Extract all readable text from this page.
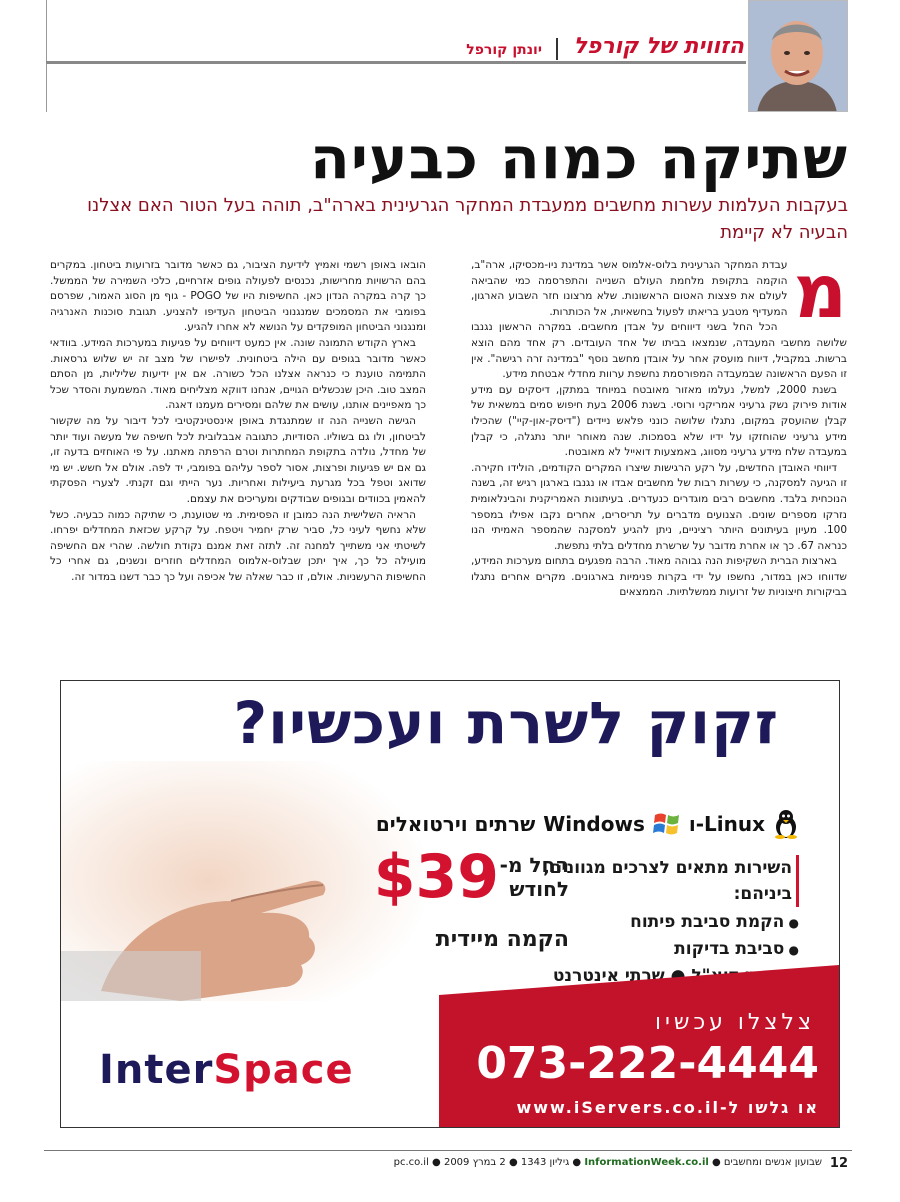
הזווית של קורפל
יונתן קורפל
שתיקה כמוה כבעיה

בעקבות העלמות עשרות מחשבים ממעבדת המחקר הגרעינית בארה"ב, תוהה בעל הטור האם אצלנו הבעיה לא קיימת

מ

עבדת המחקר הגרעינית בלוס-אלמוס אשר במדינת ניו-מכסיקו, ארה"ב, הוקמה בתקופת מלחמת העולם השנייה והתפרסמה כמי שהביאה לעולם את פצצות האטום הראשונות. שלא מרצונו חזר השבוע הארגון, המעדיף מטבע בריאתו לפעול בחשאיות, אל הכותרות.

הכל החל בשני דיווחים על אבדן מחשבים. במקרה הראשון נגנבו שלושה מחשבי המעבדה, שנמצאו בביתו של אחד העובדים. רק אחד מהם הוצא ברשות. במקביל, דיווח מועסק אחר על אובדן מחשב נוסף "במדינה זרה רגישה". אין זו הפעם הראשונה שבמעבדה המפורסמת נחשפת ערוות מחדלי אבטחת מידע.

בשנת 2000, למשל, נעלמו מאזור מאובטח במיוחד במתקן, דיסקים עם מידע אודות פירוק נשק גרעיני אמריקני ורוסי. בשנת 2006 בעת חיפוש סמים במשאית של קבלן שהועסק במקום, נתגלו שלושה כונני פלאש ניידים ("דיסק-און-קיי") שהכילו מידע גרעיני שהוחזקו על ידיו שלא בסמכות. שנה מאוחר יותר נתגלה, כי קבלן במעבדה שלח מידע גרעיני מסווג, באמצעות דואייל לא מאובטח.

דיווחי האובדן החדשים, על רקע הרגישות שיצרו המקרים הקודמים, הולידו חקירה. זו הגיעה למסקנה, כי עשרות רבות של מחשבים אבדו או נגנבו בארגון רגיש זה, בשנה הנוכחית בלבד. מחשבים רבים מוגדרים כנעדרים. בעיתונות האמריקנית והבינלאומית נזרקו מספרים שונים. הצנועים מדברים על תריסרים, אחרים נקבו אפילו במספר 100. מעיון בעיתונים היותר רציניים, ניתן להגיע למסקנה שהמספר האמיתי הנו כנראה 67. כך או אחרת מדובר על שרשרת מחדלים בלתי נתפשת.

בארצות הברית השקיפות הנה גבוהה מאוד. הרבה מפגעים בתחום מערכות המידע, שדווחו כאן במדור, נחשפו על ידי בקרות פנימיות בארגונים. מקרים אחרים נתגלו בביקורות חיצוניות של זרועות ממשלתיות. הממצאים

הובאו באופן רשמי ואמיץ לידיעת הציבור, גם כאשר מדובר בזרועות ביטחון. במקרים בהם הרשויות מחרישות, נכנסים לפעולה גופים אזרחיים, כלכי השמירה של הממשל. כך קרה במקרה הנדון כאן. החשיפות היו של POGO - גוף מן הסוג האמור, שפרסם בפומבי את המסמכים שמנגנוני הביטחון העדיפו להצניע. תגובת סוכנות האנרגיה ומנגנוני הביטחון המופקדים על הנושא לא אחרו להגיע.

בארץ הקודש התמונה שונה. אין כמעט דיווחים על פגיעות במערכות המידע. בוודאי כאשר מדובר בגופים עם הילה ביטחונית. לפישרו של מצב זה יש שלוש גרסאות. התמימה טוענת כי כנראה אצלנו הכל כשורה. אם אין ידיעות שליליות, מן הסתם המצב טוב. היכן שנכשלים הגויים, אנחנו דווקא מצליחים מאוד. המשמעת והסדר שכל כך מאפיינים אותנו, עושים את שלהם ומסירים מעמנו דאגה.

הגישה השנייה הנה זו שמתנגדת באופן אינסטינקטיבי לכל דיבור על מה שקשור לביטחון, ולו גם בשוליו. הסודיות, כתגובה אבבלובית לכל חשיפה של מעשה ועוד יותר של מחדל, נולדה בתקופת המחתרות וטרם הרפתה מאתנו. על פי האוחזים בדעה זו, גם אם יש פגיעות ופרצות, אסור לספר עליהם בפומבי, יד לפה. אולם אל חשש. יש מי שדואג וטפל בכל מגרעת ביעילות ואחריות. נער הייתי וגם זקנתי. לצערי הפסקתי להאמין בכוודים ובגופים שבודקים ומעריכים את עצמם.

הראיה השלישית הנה כמובן זו הפסימית. מי שטוענת, כי שתיקה כמוה כבעיה. כשל שלא נחשף לעיני כל, סביר שרק יחמיר ויטפח. על קרקע שכזאת המחדלים יפרחו. לשיטתי אני משתייך למחנה זה. לתזה זאת אמנם נקודת חולשה. שהרי אם החשיפה מועילה כל כך, איך יתכן שבלוס-אלמוס המחדלים חוזרים ונשנים, גם אחרי כל החשיפות הרעשניות. אולם, זו כבר שאלה של אכיפה ועל כך כבר דשנו במדור זה.

זקוק לשרת ועכשיו?
Linux-ו
Windows
שרתים וירטואלים
החל מ-
לחודש
$39
הקמה מיידית
השירות מתאים לצרכים מגוונים, ביניהם:
● הקמת סביבת פיתוח
● סביבת בדיקות
● שרתי דוא"ל ● שרתי אינטרנט
●
צלצלו עכשיו
073-222-4444
או גלשו ל-www.iServers.co.il
InterSpace
12
שבועון אנשים ומחשבים ● InformationWeek.co.il ● גיליון 1343 ● 2 במרץ 2009 ● pc.co.il
